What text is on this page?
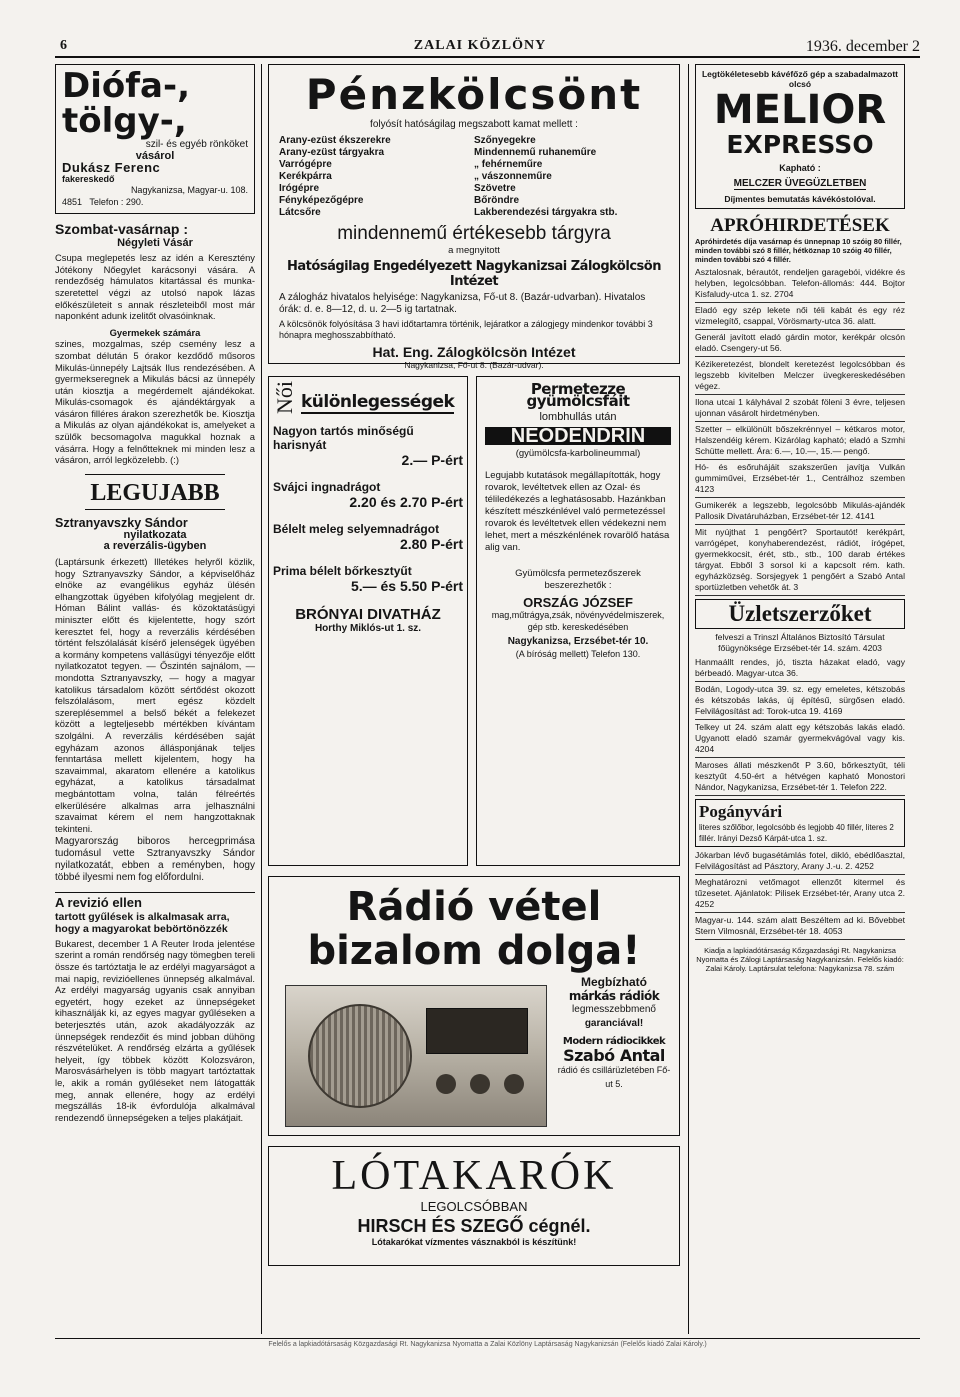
6	ZALAI KÖZLÖNY	1936. december 2
Diófa-,
tölgy-,
szil- és egyéb rönköket
vásárol
Dukász Ferenc
fakereskedő
Nagykanizsa, Magyar-u. 108.
4851 Telefon : 290.
Szombat-vasárnap :
Négyleti Vásár

Csupa meglepetés lesz az idén a Keresztény Jótékony Nőegylet karácsonyi vására. A rendezőség hámulatos kitartással és munka-szeretettel végzi az utolsó napok lázas előkészületeit s annak részleteiből most már naponként adunk izelitőt olvasóinknak.

Gyermekek számára

szines, mozgalmas, szép csemény lesz a szombat délután 5 órakor kezdődő műsoros Mikulás-ünnepély Lajtsák Ilus rendezésében. A gyermekseregnek a Mikulás bácsi az ünnepély után kiosztja a megérdemelt ajándékokat. Mikulás-csomagok és ajándéktárgyak a vásáron filléres árakon szerezhetők be. Kiosztja a Mikulás az olyan ajándékokat is, amelyeket a szülők becsomagolva magukkal hoznak a vásárra. Hogy a felnőtteknek mi minden lesz a vásáron, arról legközelebb. (:)

LEGUJABB
Sztranyavszky Sándor
nyilatkozata
a reverzális-ügyben

(Laptársunk érkezett) Illetékes helyről közlik, hogy Sztranyavszky Sándor, a képviselőház elnöke az evangélikus egyház ülésén elhangzottak ügyében kifolyólag megjelent dr. Hóman Bálint vallás- és közoktatásügyi miniszter előtt és kijelentette, hogy szórt keresztet fel, hogy a reverzális kérdésében történt felszólalását kísérő jelenségek ügyében a kormány kompetens vallásügyi tényezője előtt nyilatkozatot tegyen. — Őszintén sajnálom, — mondotta Sztranyavszky, — hogy a magyar katolikus társadalom között sértődést okozott felszólalásom, mert egész közdelt szereplésemmel a belső békét a felekezet között a legteljesebb mértékben kívántam szolgálni. A reverzális kérdésében saját egyházam azonos állásponjának teljes fenntartása mellett kijelentem, hogy ha szavaimmal, akaratom ellenére a katolikus egyházat, a katolikus társadalmat megbántottam volna, talán félreértés elkerülésére alkalmas arra jelhasználni szavaimat kérem el nem hangzottaknak tekinteni.

Magyarország biboros hercegprimása tudomásul vette Sztranyavszky Sándor nyilatkozatát, ebben a reményben, hogy többé ilyesmi nem fog előfordulni.

A revizió ellen
tartott gyűlések is alkalmasak arra, hogy a magyarokat bebörtönözzék

Bukarest, december 1 A Reuter Iroda jelentése szerint a román rendőrség nagy tömegben tereli össze és tartóztatja le az erdélyi magyarságot a mai napig, revizióellenes ünnepség alkalmával. Az erdélyi magyarság ugyanis csak annyiban egyetért, hogy ezeket az ünnepségeket kihasználják ki, az egyes magyar gyűléseken a beterjesztés után, azok akadályozzák az ünnepségek rendezőit és mind jobban dühöng részvételüket. A rendőrség elzárta a gyűlések helyeit, így többek között Kolozsváron, Marosvásárhelyen is több magyart tartóztattak le, akik a román gyűléseket nem látogatták meg, annak ellenére, hogy az erdélyi megszállás 18-ik évfordulója alkalmával rendezendő ünnepségeken a teljes plakátjait.

Pénzkölcsönt
folyósít hatóságilag megszabott kamat mellett :
Arany-ezüst ékszerekre
Arany-ezüst tárgyakra
Varrógépre
Kerékpárra
Irógépre
Fényképezőgépre
Látcsőre
Szőnyegekre
Mindennemű ruhaneműre
„ fehérneműre
„ vászonneműre
Szövetre
Bőröndre
Lakberendezési tárgyakra stb.
mindennemű értékesebb tárgyra
a megnyitott
Hatóságilag Engedélyezett Nagykanizsai Zálogkölcsön Intézet
A zálogház hivatalos helyisége: Nagykanizsa, Fő-ut 8. (Bazár-udvarban). Hivatalos órák: d. e. 8—12, d. u. 2—5 ig tartatnak.
A kölcsönök folyósítása 3 havi időtartamra történik, lejáratkor a zálogjegy mindenkor további 3 hónapra meghosszabbítható.
Hat. Eng. Zálogkölcsön Intézet
Nagykanizsa, Fő-ut 8. (Bazár-udvar).
Női különlegességek
Nagyon tartós minőségű harisnyát
2.— P-ért
Svájci ingnadrágot
2.20 és 2.70 P-ért
Bélelt meleg selyemnadrágot
2.80 P-ért
Prima bélelt bőrkesztyűt
5.— és 5.50 P-ért
BRÓNYAI DIVATHÁZ
Horthy Miklós-ut 1. sz.
Permetezze gyümölcsfáit
lombhullás után
NEODENDRIN
(gyümölcsfa-karbolineummal)

Legujabb kutatások megállapították, hogy rovarok, levéltetvek ellen az Ozal- és téliledékezés a leghatásosabb. Hazánkban készített mészkénlével való permetezéssel rovarok és levéltetvek ellen védekezni nem lehet, mert a mészkénlének rovarölő hatása alig van.

Gyümölcsfa permetezőszerek beszerezhetők :
ORSZÁG JÓZSEF
mag,műtrágya,zsák, növényvédelmiszerek, gép stb. kereskedésében
Nagykanizsa, Erzsébet-tér 10.
(A bíróság mellett) Telefon 130.
Rádió vétel
bizalom dolga!
Megbízható
márkás rádiók
legmesszebbmenő
garanciával!
Modern rádiocikkek
Szabó Antal
rádió és csillárüzletében Fő-ut 5.
LÓTAKARÓK
LEGOLCSÓBBAN
HIRSCH ÉS SZEGŐ cégnél.
Lótakarókat vízmentes vásznakból is készítünk!
Legtökéletesebb kávéfőző gép a szabadalmazott olcsó
MELIOR
EXPRESSO
Kapható :
MELCZER ÜVEGÜZLETBEN
Díjmentes bemutatás kávékóstolóval.
APRÓHIRDETÉSEK
Apróhirdetés díja vasárnap és ünnepnap 10 szóig 80 fillér, minden további szó 8 fillér, hétköznap 10 szóig 40 fillér, minden további szó 4 fillér.
Asztalosnak, bérautót, rendeljen garagebói, vidékre és helyben, legolcsóbban. Telefon-állomás: 444. Bojtor Kisfaludy-utca 1. sz. 2704
Eladó egy szép lekete női téli kabát és egy réz vizmelegítő, csappal, Vörösmarty-utca 36. alatt.
Generál javított eladó gárdin motor, kerékpár olcsón eladó. Csengery-ut 56.
Kézikeretezést, blondelt keretezést legolcsóbban és legszebb kivitelben Melczer üvegkereskedésében végez.
Ilona utcai 1 kályhával 2 szobát föleni 3 évre, teljesen ujonnan vásárolt hirdetményben.
Szetter – elkülönült bőszekrénnyel – kétkaros motor, Halszendéig kérem. Kizárólag kapható; eladó a Szmhi Schütte mellett. Ára: 6.—, 10.—, 15.— pengő.
Hó- és esőruhájáit szakszerűen javítja Vulkán gummiművei, Erzsébet-tér 1., Centrálhoz szemben 4123
Gumikerék a legszebb, legolcsóbb Mikulás-ajándék Pallosik Divatáruházban, Erzsébet-tér 12. 4141
Mit nyújthat 1 pengőért? Sportautót! kerékpárt, varrógépet, konyhaberendezést, rádiót, írógépet, gyermekkocsit, érét, stb., stb., 100 darab értékes tárgyat. Ebből 3 sorsol ki a kapcsolt rém. kath. egyházközség. Sorsjegyek 1 pengőért a Szabó Antal sportüzletben vehetők át. 3
Üzletszerzőket
felveszi a Trinszl Általános Biztosító Társulat főügynöksége Erzsébet-tér 14. szám. 4203
Hanmaállt rendes, jó, tiszta házakat eladó, vagy bérbeadó. Magyar-utca 36.
Bodán, Logody-utca 39. sz. egy emeletes, kétszobás és kétszobás lakás, új építésű, sürgősen eladó. Felvilágosítást ad: Torok-utca 19. 4169
Telkey ut 24. szám alatt egy kétszobás lakás eladó. Ugyanott eladó szamár gyermekvágóval vagy kis. 4204
Maroses állati mészkenőt P 3.60, bőrkesztyűt, téli kesztyűt 4.50-ért a hétvégen kapható Monostori Nándor, Nagykanizsa, Erzsébet-tér 1. Telefon 222.
Pogányvári
literes szőlőbor, legolcsóbb és legjobb 40 fillér, literes 2 fillér. Irányi Dezső Kárpát-utca 1. sz.
Jókarban lévő bugasétámlás fotel, dikló, ebédlőasztal, Felvilágosítást ad Pásztory, Arany J.-u. 2. 4252
Meghatározni vetőmagot ellenzőt kitermel és tűzesetet. Ajánlatok: Pilisek Erzsébet-tér, Arany utca 2. 4252
Magyar-u. 144. szám alatt Beszéltem ad ki. Bővebbet Stern Vilmosnál, Erzsébet-tér 18. 4053
Kiadja a lapkiadótársaság Kőzgazdasági Rt. Nagykanizsa Nyomatta és Zálogi Laptársaság Nagykanizsán. Felelős kiadó: Zalai Károly. Laptársulat telefona: Nagykanizsa 78. szám
Felelős a lapkiadótársaság Közgazdasági Rt. Nagykanizsa Nyomatta a Zalai Közlöny Laptársaság Nagykanizsán (Felelős kiadó Zalai Károly.)
